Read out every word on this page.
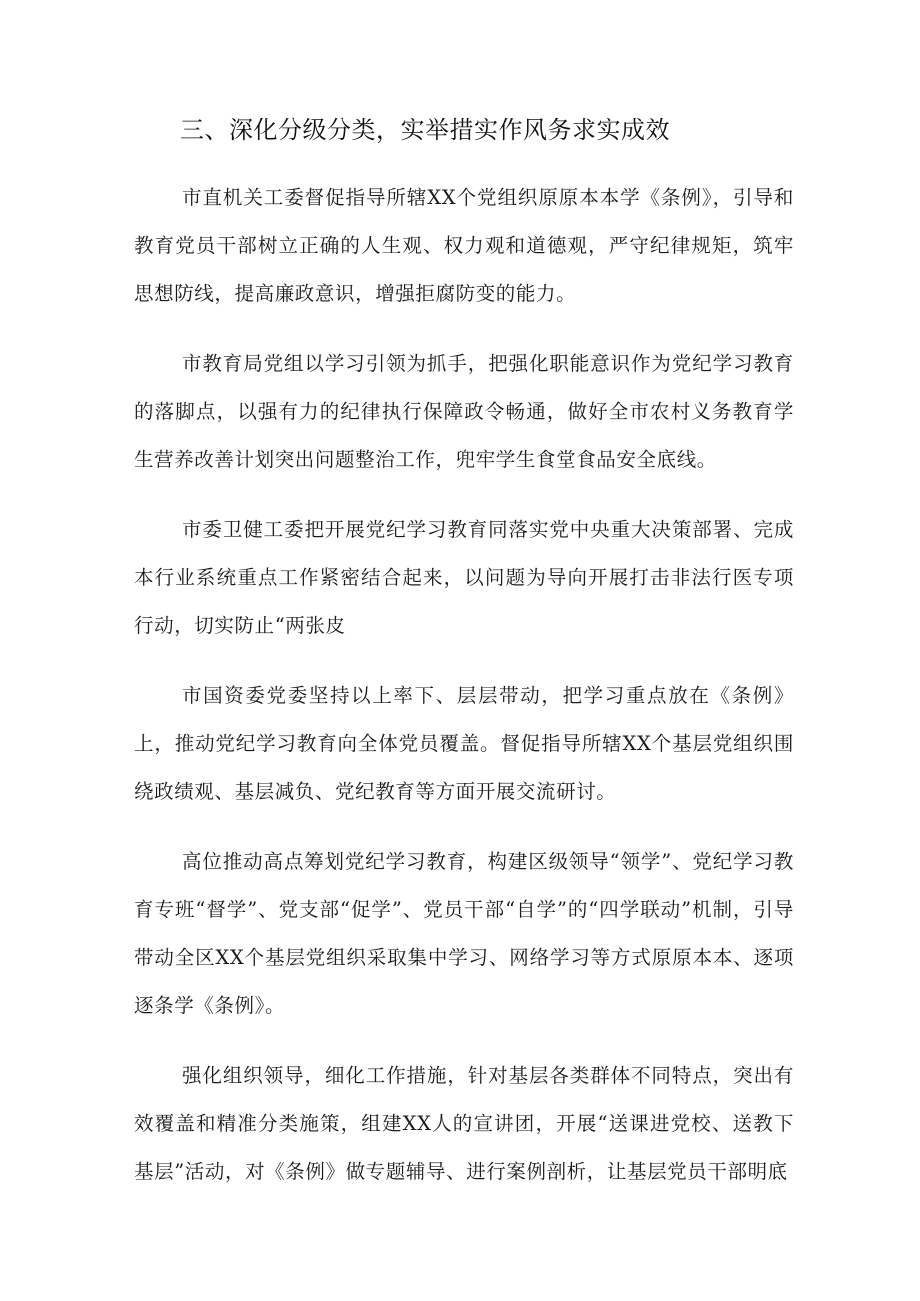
三、深化分级分类，实举措实作风务求实成效

市直机关工委督促指导所辖XX个党组织原原本本学《条例》，引导和教育党员干部树立正确的人生观、权力观和道德观，严守纪律规矩，筑牢思想防线，提高廉政意识，增强拒腐防变的能力。

市教育局党组以学习引领为抓手，把强化职能意识作为党纪学习教育的落脚点，以强有力的纪律执行保障政令畅通，做好全市农村义务教育学生营养改善计划突出问题整治工作，兜牢学生食堂食品安全底线。

市委卫健工委把开展党纪学习教育同落实党中央重大决策部署、完成本行业系统重点工作紧密结合起来，以问题为导向开展打击非法行医专项行动，切实防止“两张皮

市国资委党委坚持以上率下、层层带动，把学习重点放在《条例》上，推动党纪学习教育向全体党员覆盖。督促指导所辖XX个基层党组织围绕政绩观、基层减负、党纪教育等方面开展交流研讨。

高位推动高点筹划党纪学习教育，构建区级领导“领学”、党纪学习教育专班“督学”、党支部“促学”、党员干部“自学”的“四学联动”机制，引导带动全区XX个基层党组织采取集中学习、网络学习等方式原原本本、逐项逐条学《条例》。

强化组织领导，细化工作措施，针对基层各类群体不同特点，突出有效覆盖和精准分类施策，组建XX人的宣讲团，开展“送课进党校、送教下基层”活动，对《条例》做专题辅导、进行案例剖析，让基层党员干部明底
